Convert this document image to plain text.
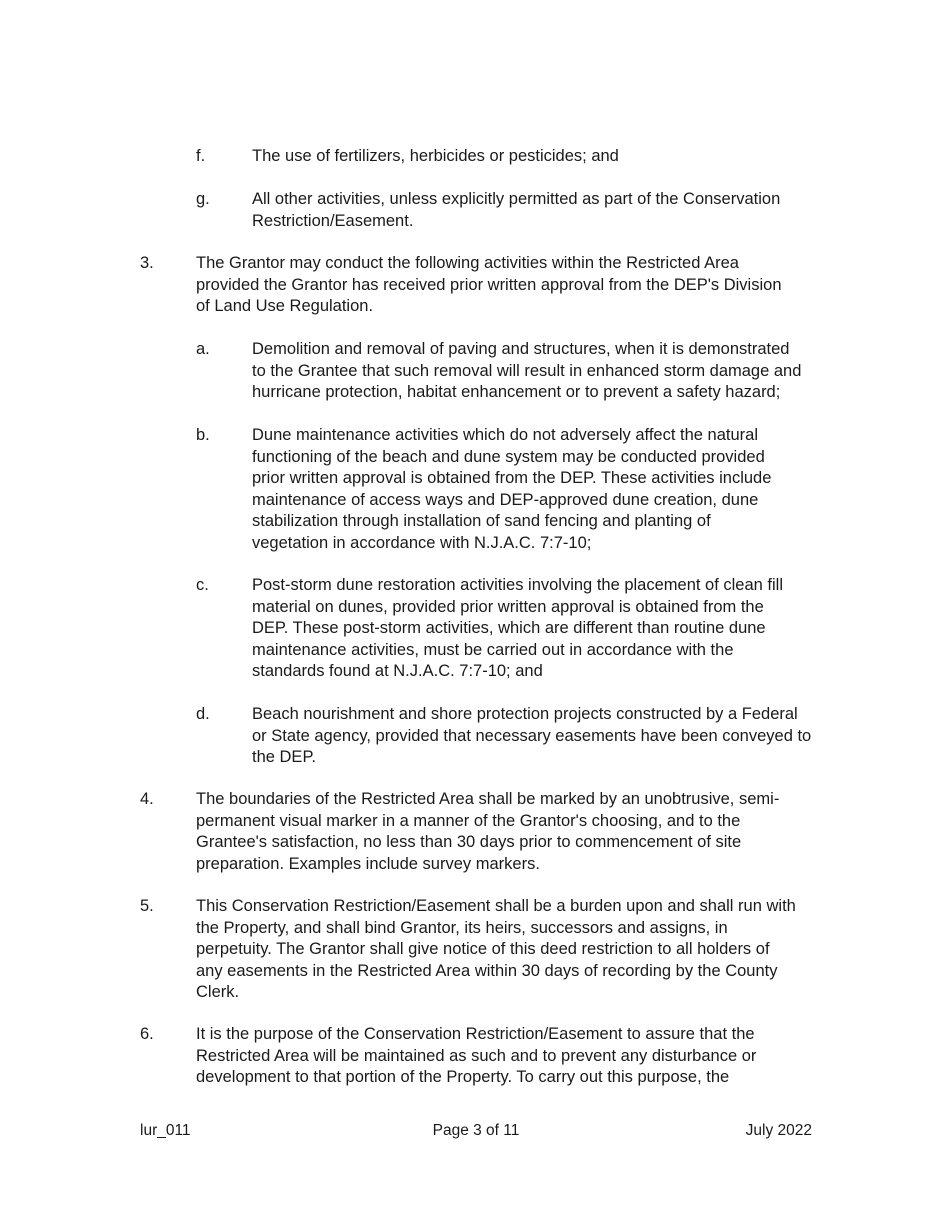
f.	The use of fertilizers, herbicides or pesticides; and
g.	All other activities, unless explicitly permitted as part of the Conservation
Restriction/Easement.
3.	The Grantor may conduct the following activities within the Restricted Area
provided the Grantor has received prior written approval from the DEP's Division
of Land Use Regulation.
a.	Demolition and removal of paving and structures, when it is demonstrated
to the Grantee that such removal will result in enhanced storm damage and
hurricane protection, habitat enhancement or to prevent a safety hazard;
b.	Dune maintenance activities which do not adversely affect the natural
functioning of the beach and dune system may be conducted provided
prior written approval is obtained from the DEP. These activities include
maintenance of access ways and DEP-approved dune creation, dune
stabilization through installation of sand fencing and planting of
vegetation in accordance with N.J.A.C. 7:7-10;
c.	Post-storm dune restoration activities involving the placement of clean fill
material on dunes, provided prior written approval is obtained from the
DEP. These post-storm activities, which are different than routine dune
maintenance activities, must be carried out in accordance with the
standards found at N.J.A.C. 7:7-10; and
d.	Beach nourishment and shore protection projects constructed by a Federal
or State agency, provided that necessary easements have been conveyed to
the DEP.
4.	The boundaries of the Restricted Area shall be marked by an unobtrusive, semi-
permanent visual marker in a manner of the Grantor's choosing, and to the
Grantee's satisfaction, no less than 30 days prior to commencement of site
preparation. Examples include survey markers.
5.	This Conservation Restriction/Easement shall be a burden upon and shall run with
the Property, and shall bind Grantor, its heirs, successors and assigns, in
perpetuity. The Grantor shall give notice of this deed restriction to all holders of
any easements in the Restricted Area within 30 days of recording by the County
Clerk.
6.	It is the purpose of the Conservation Restriction/Easement to assure that the
Restricted Area will be maintained as such and to prevent any disturbance or
development to that portion of the Property. To carry out this purpose, the
Page 3 of 11
lur_011	July 2022
